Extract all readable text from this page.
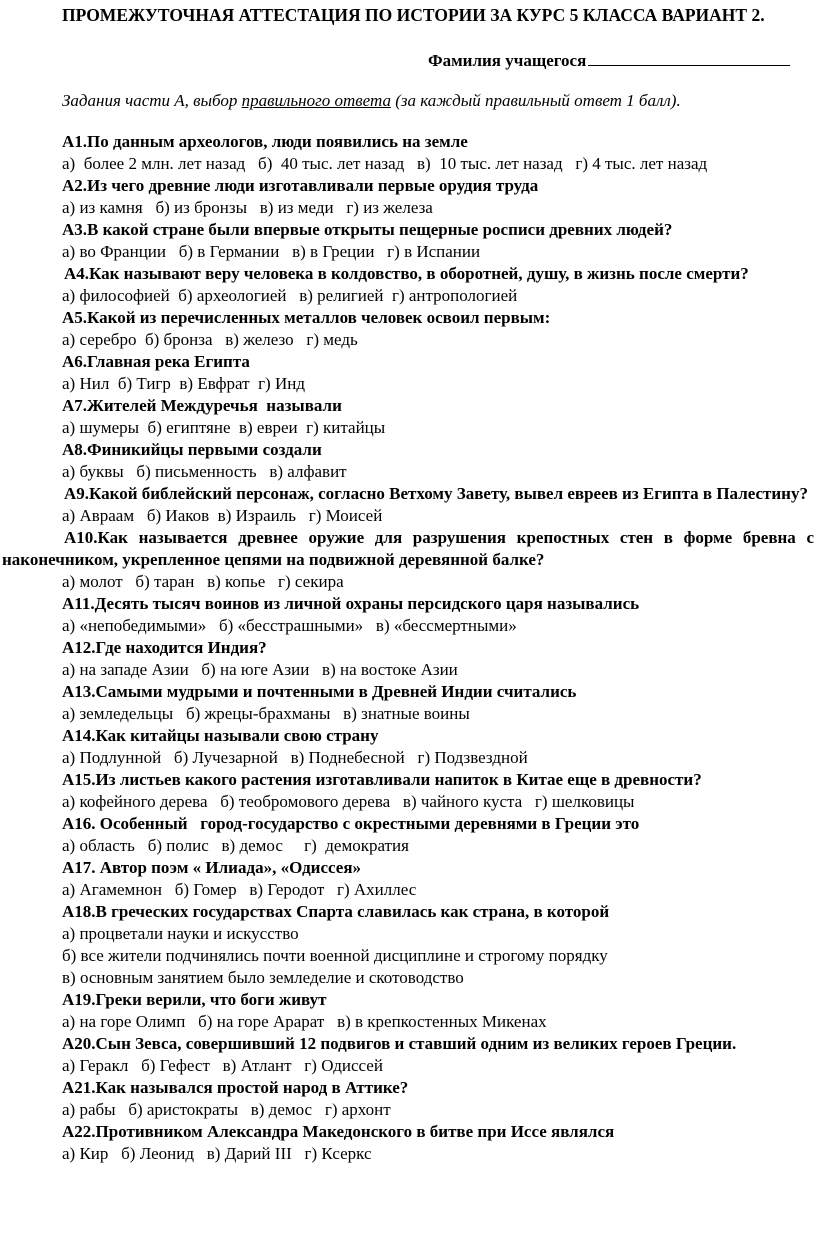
ПРОМЕЖУТОЧНАЯ АТТЕСТАЦИЯ ПО ИСТОРИИ ЗА КУРС 5 КЛАССА ВАРИАНТ 2.
Фамилия учащегося
Задания части А, выбор правильного ответа (за каждый правильный ответ 1 балл).
А1.По данным археологов, люди появились на земле
а)  более 2 млн. лет назад   б)  40 тыс. лет назад   в)  10 тыс. лет назад   г) 4 тыс. лет назад
А2.Из чего древние люди изготавливали первые орудия труда
а) из камня   б) из бронзы   в) из меди   г) из железа
А3.В какой стране были впервые открыты пещерные росписи древних людей?
а) во Франции   б) в Германии   в) в Греции   г) в Испании
А4.Как называют веру человека в колдовство, в оборотней, душу, в жизнь после смерти?
а) философией  б) археологией   в) религией  г) антропологией
А5.Какой из перечисленных металлов человек освоил первым:
а) серебро  б) бронза   в) железо   г) медь
А6.Главная река Египта
а) Нил  б) Тигр  в) Евфрат  г) Инд
А7.Жителей Междуречья  называли
а) шумеры  б) египтяне  в) евреи  г) китайцы
А8.Финикийцы первыми создали
а) буквы   б) письменность   в) алфавит
А9.Какой библейский персонаж, согласно Ветхому Завету, вывел евреев из Египта в Палестину?
а) Авраам   б) Иаков  в) Израиль   г) Моисей
А10.Как называется древнее оружие для разрушения крепостных стен в форме бревна с наконечником, укрепленное цепями на подвижной деревянной балке?
а) молот   б) таран   в) копье   г) секира
А11.Десять тысяч воинов из личной охраны персидского царя назывались
а) «непобедимыми»   б) «бесстрашными»   в) «бессмертными»
А12.Где находится Индия?
а) на западе Азии   б) на юге Азии   в) на востоке Азии
А13.Самыми мудрыми и почтенными в Древней Индии считались
а) земледельцы   б) жрецы-брахманы   в) знатные воины
А14.Как китайцы называли свою страну
а) Подлунной   б) Лучезарной   в) Поднебесной   г) Подзвездной
А15.Из листьев какого растения изготавливали напиток в Китае еще в древности?
а) кофейного дерева   б) теобромового дерева   в) чайного куста   г) шелковицы
А16. Особенный   город-государство с окрестными деревнями в Греции это
а) область   б) полис   в) демос     г)  демократия
А17. Автор поэм « Илиада», «Одиссея»
а) Агамемнон   б) Гомер   в) Геродот   г) Ахиллес
А18.В греческих государствах Спарта славилась как страна, в которой
а) процветали науки и искусство
б) все жители подчинялись почти военной дисциплине и строгому порядку
в) основным занятием было земледелие и скотоводство
А19.Греки верили, что боги живут
а) на горе Олимп   б) на горе Арарат   в) в крепкостенных Микенах
А20.Сын Зевса, совершивший 12 подвигов и ставший одним из великих героев Греции.
а) Геракл   б) Гефест   в) Атлант   г) Одиссей
А21.Как назывался простой народ в Аттике?
а) рабы   б) аристократы   в) демос   г) архонт
А22.Противником Александра Македонского в битве при Иссе являлся
а) Кир   б) Леонид   в) Дарий III   г) Ксеркс
